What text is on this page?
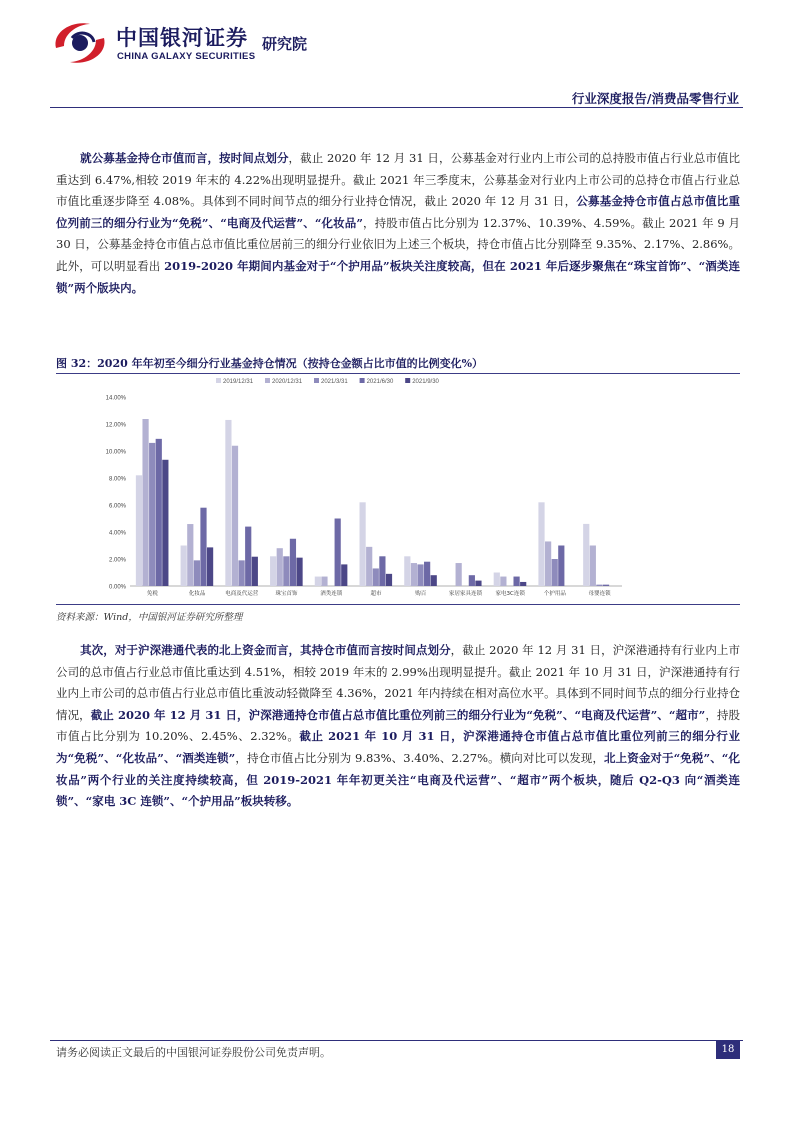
中国银河证券
CHINA GALAXY SECURITIES
研究院
行业深度报告/消费品零售行业

就公募基金持仓市值而言，按时间点划分，截止 2020 年 12 月 31 日，公募基金对行业内上市公司的总持股市值占行业总市值比重达到 6.47%,相较 2019 年末的 4.22%出现明显提升。截止 2021 年三季度末，公募基金对行业内上市公司的总持仓市值占行业总市值比重逐步降至 4.08%。具体到不同时间节点的细分行业持仓情况，截止 2020 年 12 月 31 日，公募基金持仓市值占总市值比重位列前三的细分行业为“免税”、“电商及代运营”、“化妆品”，持股市值占比分别为 12.37%、10.39%、4.59%。截止 2021 年 9 月 30 日，公募基金持仓市值占总市值比重位居前三的细分行业依旧为上述三个板块，持仓市值占比分别降至 9.35%、2.17%、2.86%。此外，可以明显看出 2019-2020 年期间内基金对于“个护用品”板块关注度较高，但在 2021 年后逐步聚焦在“珠宝首饰”、“酒类连锁”两个版块内。

图 32：2020 年年初至今细分行业基金持仓情况（按持仓金额占比市值的比例变化%）
0.00%
2.00%
4.00%
6.00%
8.00%
10.00%
12.00%
14.00%
免税	化妆品	电商及代运营	珠宝首饰	酒类连锁	超市	购百	家居家具连锁 家电3C连锁	个护用品	母婴连锁
2019/12/31	2020/12/31	2021/3/31	2021/6/30	2021/9/30
资料来源：Wind，中国银河证券研究所整理

其次，对于沪深港通代表的北上资金而言，其持仓市值而言按时间点划分，截止 2020 年 12 月 31 日，沪深港通持有行业内上市公司的总市值占行业总市值比重达到 4.51%，相较 2019 年末的 2.99%出现明显提升。截止 2021 年 10 月 31 日，沪深港通持有行业内上市公司的总市值占行业总市值比重波动轻微降至 4.36%，2021 年内持续在相对高位水平。具体到不同时间节点的细分行业持仓情况，截止 2020 年 12 月 31 日，沪深港通持仓市值占总市值比重位列前三的细分行业为“免税”、“电商及代运营”、“超市”，持股市值占比分别为 10.20%、2.45%、2.32%。截止 2021 年 10 月 31 日，沪深港通持仓市值占总市值比重位列前三的细分行业为“免税”、“化妆品”、“酒类连锁”，持仓市值占比分别为 9.83%、3.40%、2.27%。横向对比可以发现，北上资金对于“免税”、“化妆品”两个行业的关注度持续较高，但 2019-2021 年年初更关注“电商及代运营”、“超市”两个板块，随后 Q2-Q3 向“酒类连锁”、“家电 3C 连锁”、“个护用品”板块转移。

请务必阅读正文最后的中国银河证券股份公司免责声明。	18
